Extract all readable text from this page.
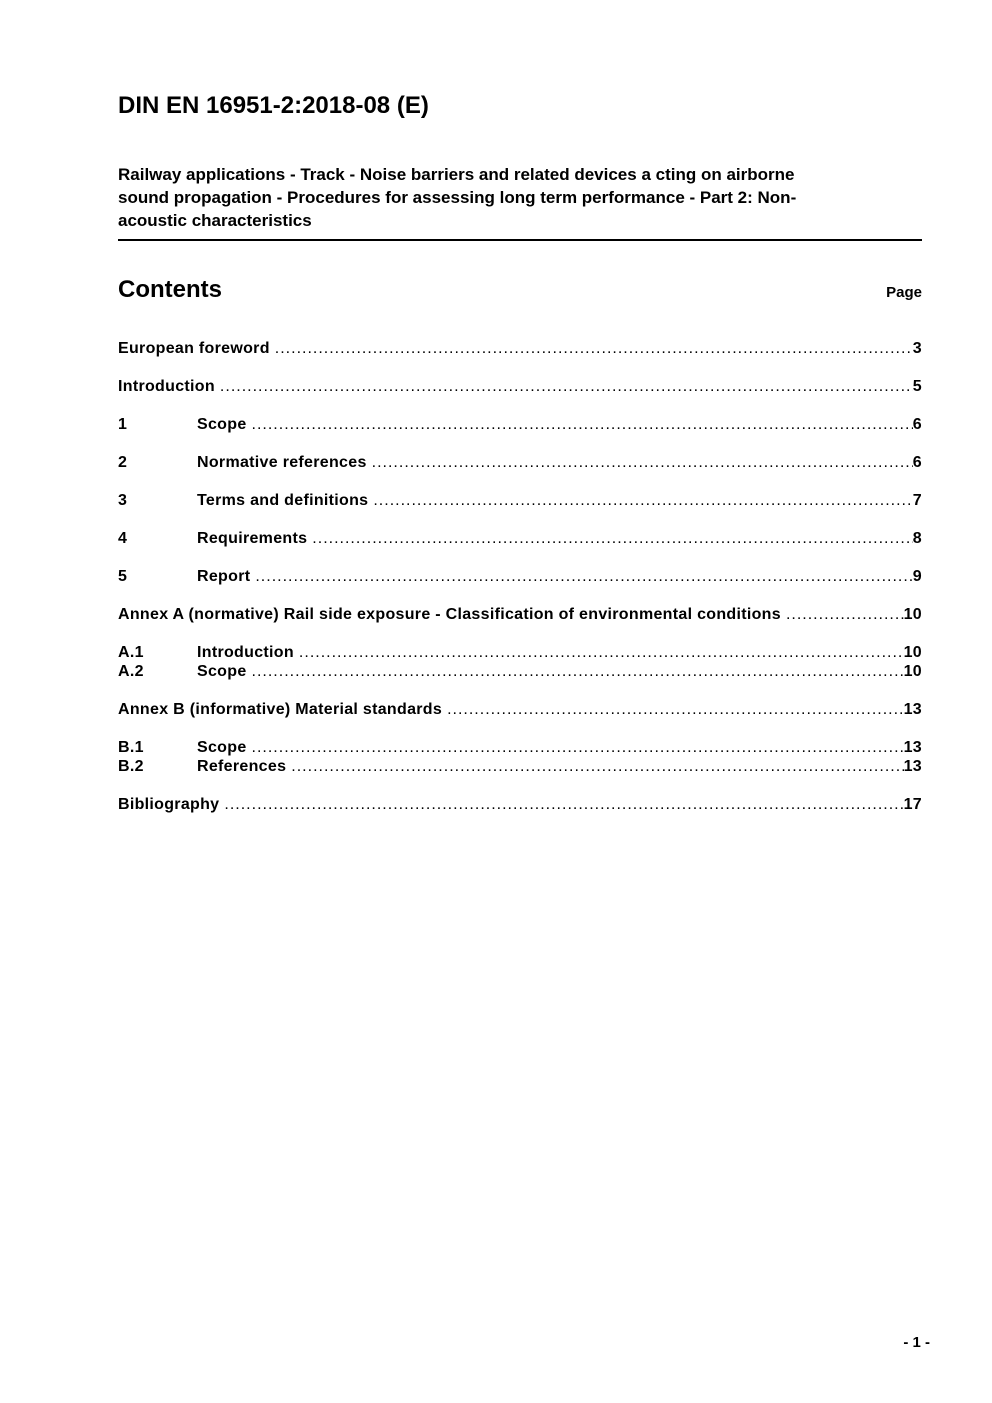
DIN EN 16951-2:2018-08 (E)
Railway applications - Track - Noise barriers and related devices a cting on airborne
sound propagation - Procedures for assessing long term performance - Part 2: Non-
acoustic characteristics
Contents	Page
European foreword .....	3
Introduction .....	5
1	Scope .....	6
2	Normative references .....	6
3	Terms and definitions .....	7
4	Requirements .....	8
5	Report .....	9
Annex A (normative) Rail side exposure - Classification of environmental conditions .....	10
A.1	Introduction .....	10
A.2	Scope .....	10
Annex B (informative) Material standards .....	13
B.1	Scope .....	13
B.2	References .....	13
Bibliography .....	17
- 1 -
